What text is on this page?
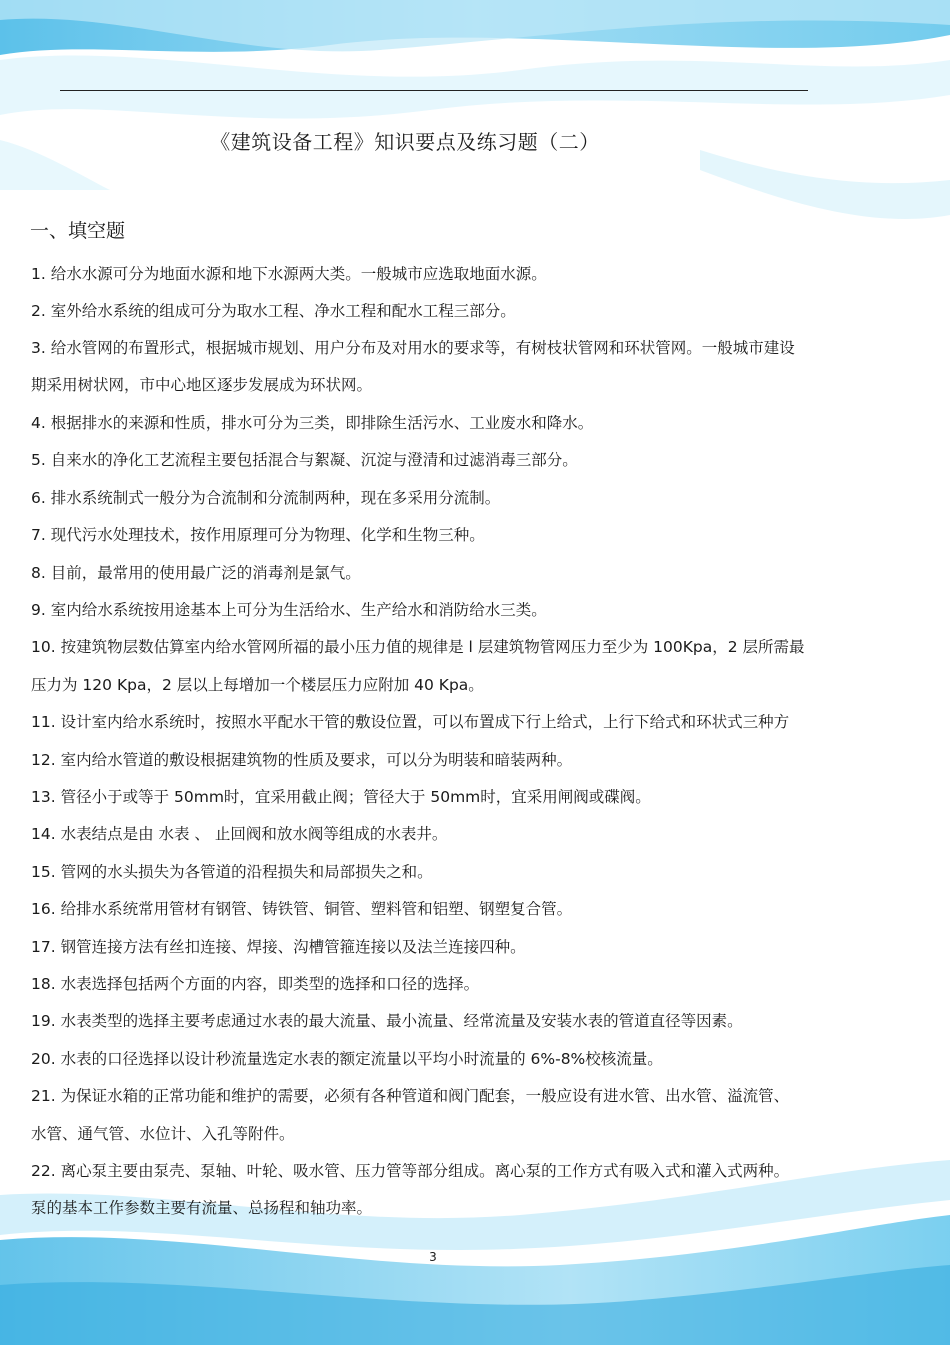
《建筑设备工程》知识要点及练习题（二）
一、填空题
1. 给水水源可分为地面水源和地下水源两大类。一般城市应选取地面水源。
2. 室外给水系统的组成可分为取水工程、净水工程和配水工程三部分。
3. 给水管网的布置形式，根据城市规划、用户分布及对用水的要求等，有树枝状管网和环状管网。一般城市建设
期采用树状网，市中心地区逐步发展成为环状网。
4. 根据排水的来源和性质，排水可分为三类，即排除生活污水、工业废水和降水。
5. 自来水的净化工艺流程主要包括混合与絮凝、沉淀与澄清和过滤消毒三部分。
6. 排水系统制式一般分为合流制和分流制两种，现在多采用分流制。
7. 现代污水处理技术，按作用原理可分为物理、化学和生物三种。
8. 目前，最常用的使用最广泛的消毒剂是氯气。
9. 室内给水系统按用途基本上可分为生活给水、生产给水和消防给水三类。
10. 按建筑物层数估算室内给水管网所福的最小压力值的规律是 l 层建筑物管网压力至少为 100Kpa，2 层所需最
压力为 120 Kpa，2 层以上每增加一个楼层压力应附加 40 Kpa。
11. 设计室内给水系统时，按照水平配水干管的敷设位置，可以布置成下行上给式，上行下给式和环状式三种方
12. 室内给水管道的敷设根据建筑物的性质及要求，可以分为明装和暗装两种。
13. 管径小于或等于 50mm时，宜采用截止阀；管径大于 50mm时，宜采用闸阀或碟阀。
14. 水表结点是由 水表 、 止回阀和放水阀等组成的水表井。
15. 管网的水头损失为各管道的沿程损失和局部损失之和。
16. 给排水系统常用管材有钢管、铸铁管、铜管、塑料管和铝塑、钢塑复合管。
17. 钢管连接方法有丝扣连接、焊接、沟槽管箍连接以及法兰连接四种。
18. 水表选择包括两个方面的内容，即类型的选择和口径的选择。
19. 水表类型的选择主要考虑通过水表的最大流量、最小流量、经常流量及安装水表的管道直径等因素。
20. 水表的口径选择以设计秒流量选定水表的额定流量以平均小时流量的 6%-8%校核流量。
21. 为保证水箱的正常功能和维护的需要，必须有各种管道和阀门配套，一般应设有进水管、出水管、溢流管、
水管、通气管、水位计、入孔等附件。
22. 离心泵主要由泵壳、泵轴、叶轮、吸水管、压力管等部分组成。离心泵的工作方式有吸入式和灌入式两种。
泵的基本工作参数主要有流量、总扬程和轴功率。
3
